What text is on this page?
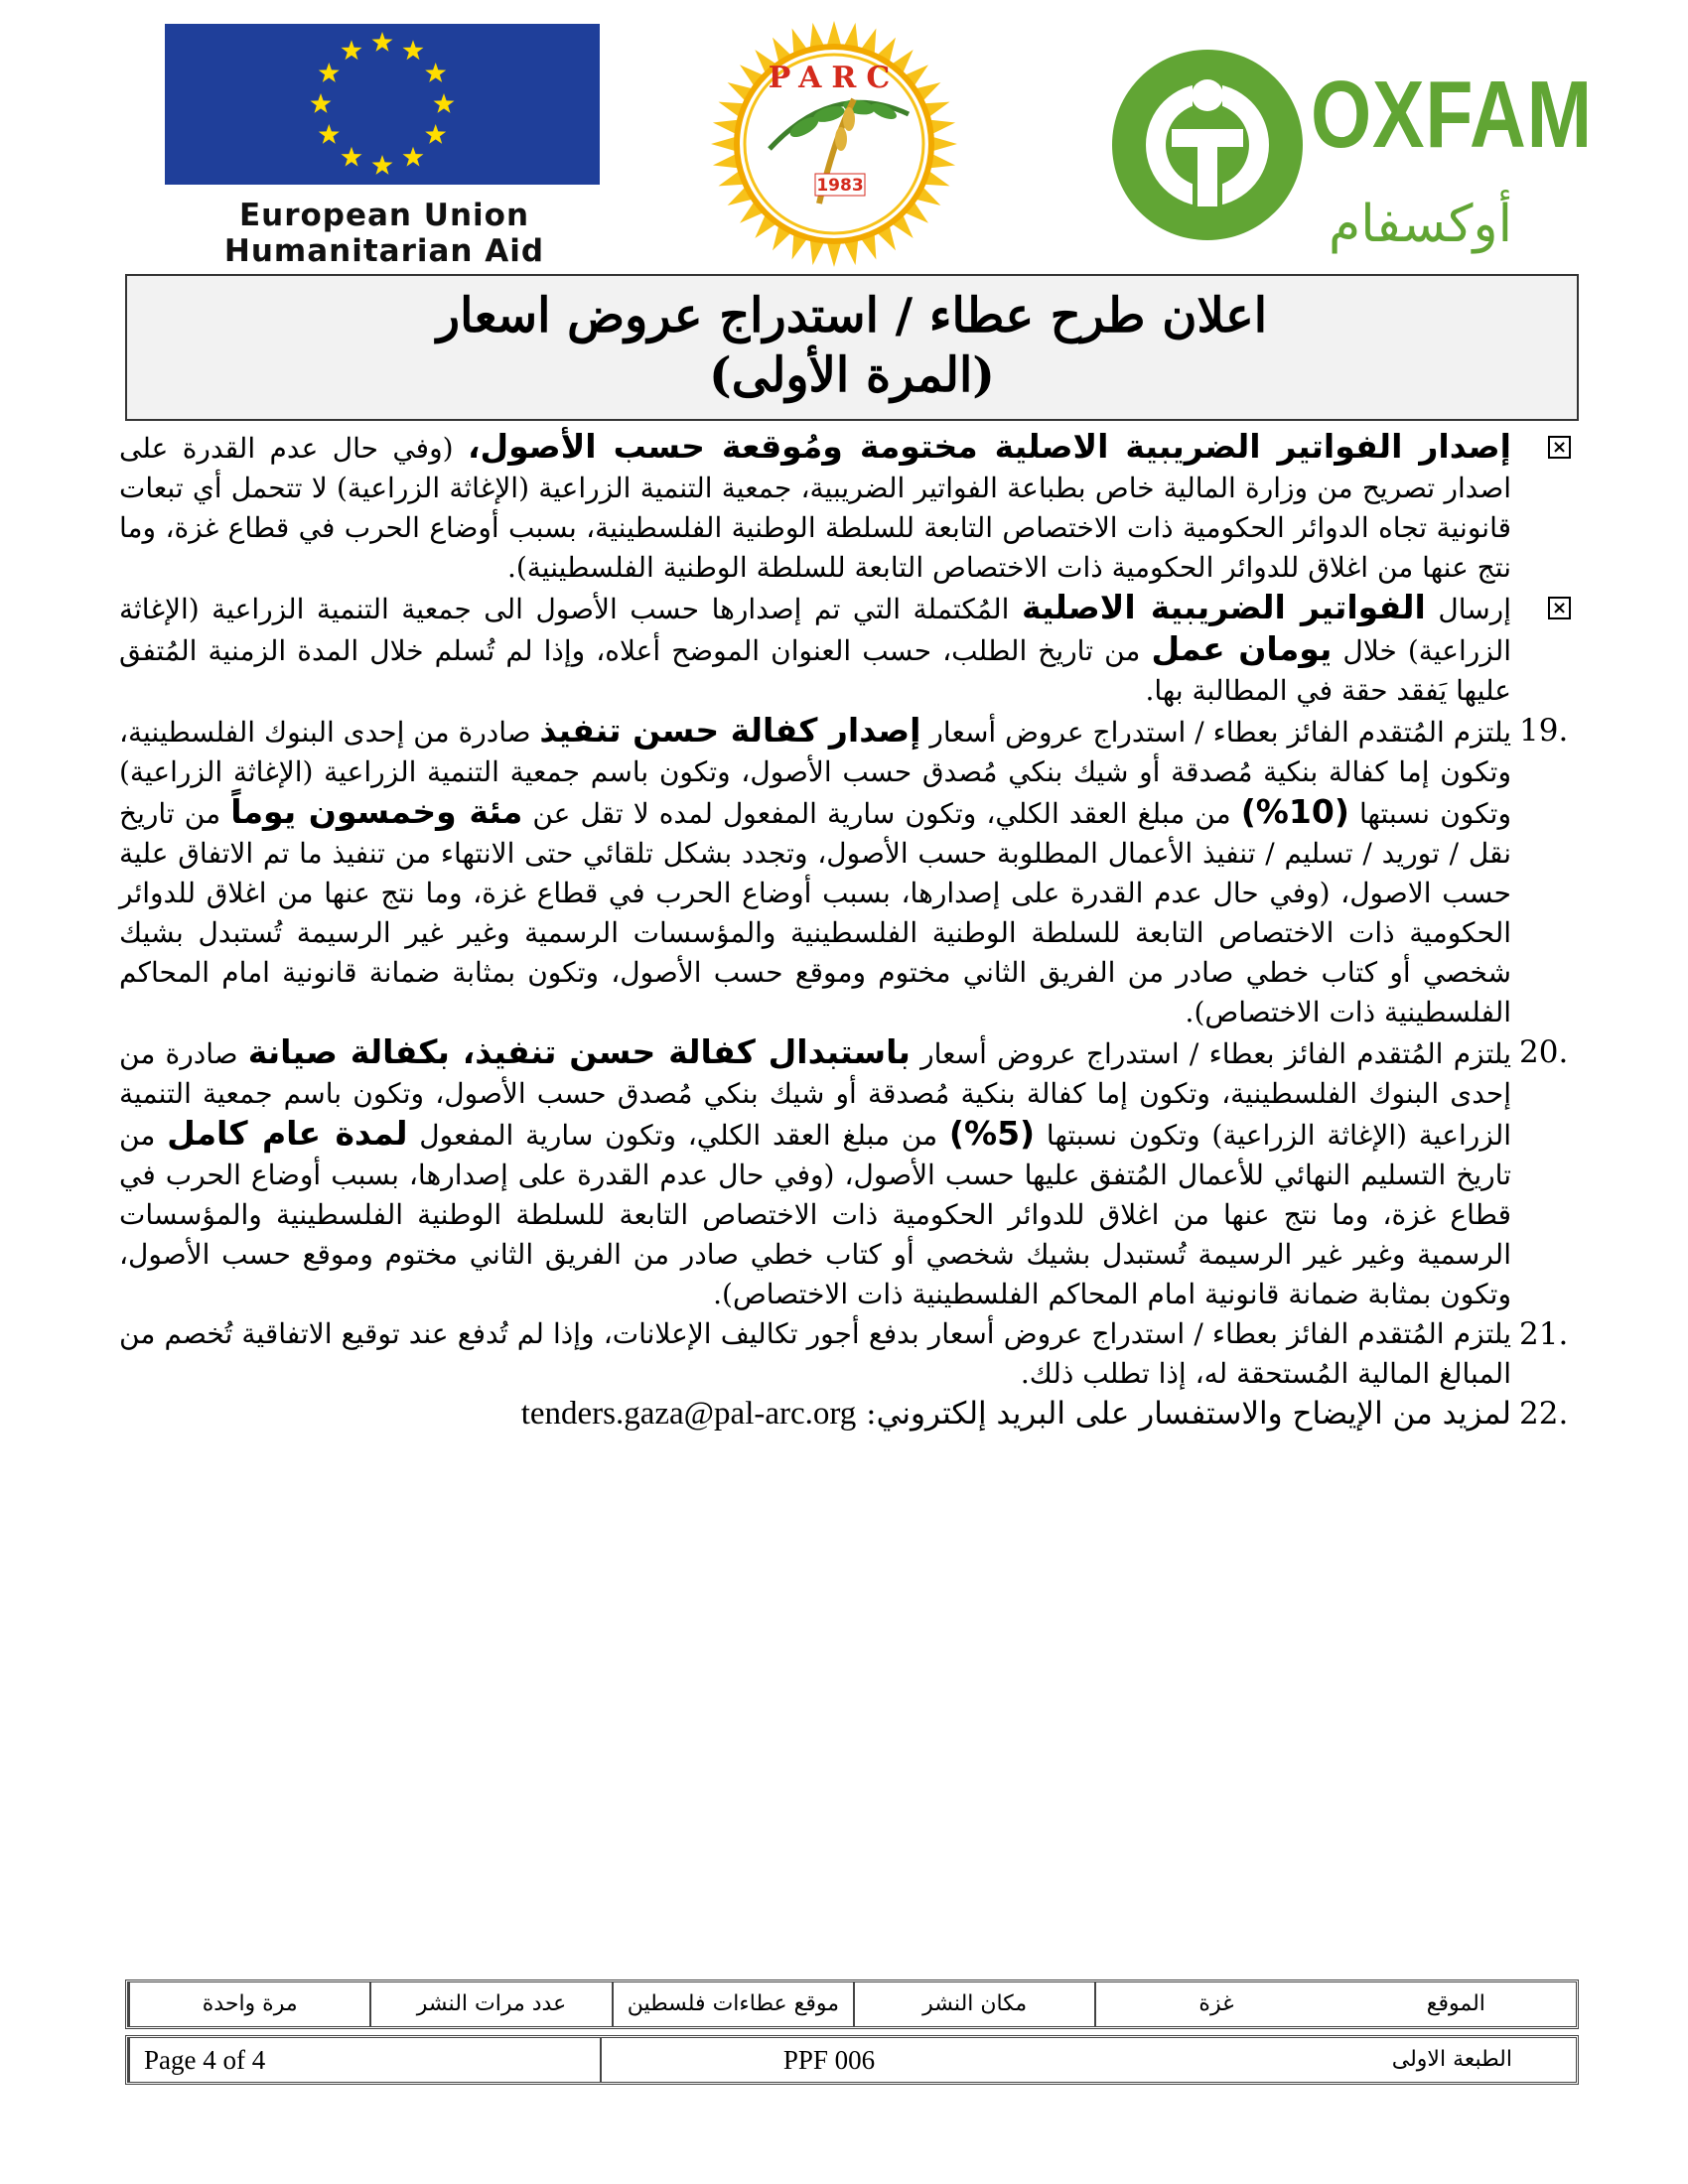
European Union
Humanitarian Aid
1983
PARC	OXFAM
أوكسفام
اعلان طرح عطاء / استدراج عروض اسعار
(المرة الأولى)
×

إصدار الفواتير الضريبية الاصلية مختومة ومُوقعة حسب الأصول، (وفي حال عدم القدرة على اصدار تصريح من وزارة المالية خاص بطباعة الفواتير الضريبية، جمعية التنمية الزراعية (الإغاثة الزراعية) لا تتحمل أي تبعات قانونية تجاه الدوائر الحكومية ذات الاختصاص التابعة للسلطة الوطنية الفلسطينية، بسبب أوضاع الحرب في قطاع غزة، وما نتج عنها من اغلاق للدوائر الحكومية ذات الاختصاص التابعة للسلطة الوطنية الفلسطينية).

×

إرسال الفواتير الضريبية الاصلية المُكتملة التي تم إصدارها حسب الأصول الى جمعية التنمية الزراعية (الإغاثة الزراعية) خلال يومان عمل من تاريخ الطلب، حسب العنوان الموضح أعلاه، وإذا لم تُسلم خلال المدة الزمنية المُتفق عليها يَفقد حقة في المطالبة بها.

19.

يلتزم المُتقدم الفائز بعطاء / استدراج عروض أسعار إصدار كفالة حسن تنفيذ صادرة من إحدى البنوك الفلسطينية، وتكون إما كفالة بنكية مُصدقة أو شيك بنكي مُصدق حسب الأصول، وتكون باسم جمعية التنمية الزراعية (الإغاثة الزراعية) وتكون نسبتها (10%) من مبلغ العقد الكلي، وتكون سارية المفعول لمده لا تقل عن مئة وخمسون يوماً من تاريخ نقل / توريد / تسليم / تنفيذ الأعمال المطلوبة حسب الأصول، وتجدد بشكل تلقائي حتى الانتهاء من تنفيذ ما تم الاتفاق علية حسب الاصول، (وفي حال عدم القدرة على إصدارها، بسبب أوضاع الحرب في قطاع غزة، وما نتج عنها من اغلاق للدوائر الحكومية ذات الاختصاص التابعة للسلطة الوطنية الفلسطينية والمؤسسات الرسمية وغير غير الرسيمة تُستبدل بشيك شخصي أو كتاب خطي صادر من الفريق الثاني مختوم وموقع حسب الأصول، وتكون بمثابة ضمانة قانونية امام المحاكم الفلسطينية ذات الاختصاص).

20.

يلتزم المُتقدم الفائز بعطاء / استدراج عروض أسعار باستبدال كفالة حسن تنفيذ، بكفالة صيانة صادرة من إحدى البنوك الفلسطينية، وتكون إما كفالة بنكية مُصدقة أو شيك بنكي مُصدق حسب الأصول، وتكون باسم جمعية التنمية الزراعية (الإغاثة الزراعية) وتكون نسبتها (5%) من مبلغ العقد الكلي، وتكون سارية المفعول لمدة عام كامل من تاريخ التسليم النهائي للأعمال المُتفق عليها حسب الأصول، (وفي حال عدم القدرة على إصدارها، بسبب أوضاع الحرب في قطاع غزة، وما نتج عنها من اغلاق للدوائر الحكومية ذات الاختصاص التابعة للسلطة الوطنية الفلسطينية والمؤسسات الرسمية وغير غير الرسيمة تُستبدل بشيك شخصي أو كتاب خطي صادر من الفريق الثاني مختوم وموقع حسب الأصول، وتكون بمثابة ضمانة قانونية امام المحاكم الفلسطينية ذات الاختصاص).

21.

يلتزم المُتقدم الفائز بعطاء / استدراج عروض أسعار بدفع أجور تكاليف الإعلانات، وإذا لم تُدفع عند توقيع الاتفاقية تُخصم من المبالغ المالية المُستحقة له، إذا تطلب ذلك.

22.

لمزيد من الإيضاح والاستفسار على البريد إلكتروني: tenders.gaza@pal-arc.org

الموقع
غزة
مكان النشر
موقع عطاءات فلسطين
عدد مرات النشر
مرة واحدة
الطبعة الاولى
PPF 006
Page 4 of 4
